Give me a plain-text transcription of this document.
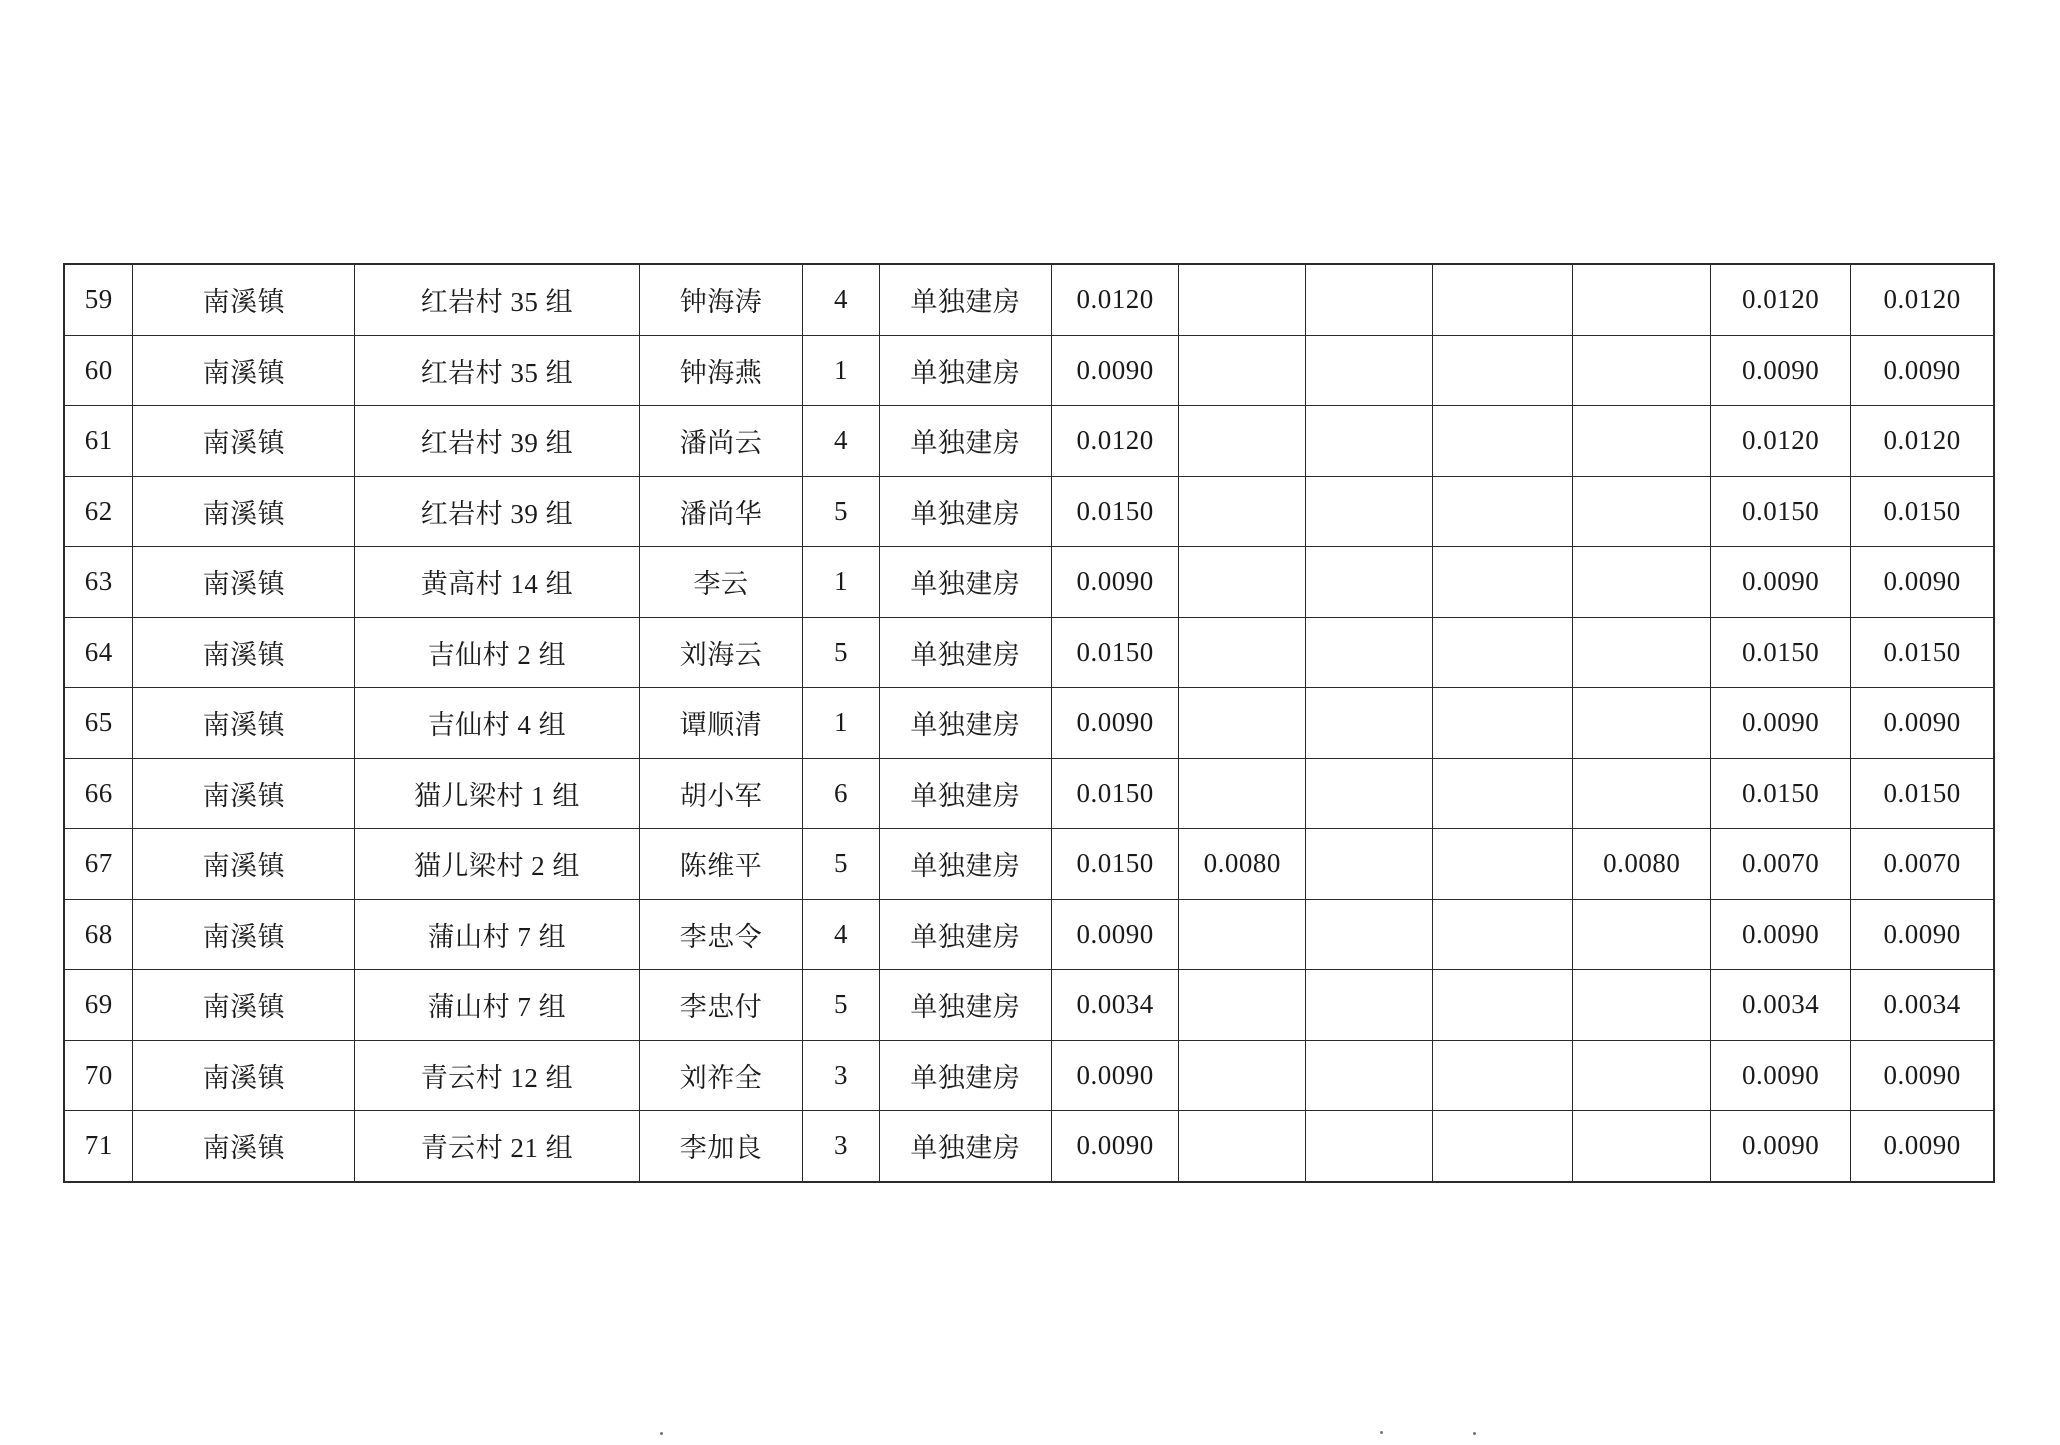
59	南溪镇	红岩村 35 组	钟海涛	4	单独建房	0.0120					0.0120	0.0120
60	南溪镇	红岩村 35 组	钟海燕	1	单独建房	0.0090					0.0090	0.0090
61	南溪镇	红岩村 39 组	潘尚云	4	单独建房	0.0120					0.0120	0.0120
62	南溪镇	红岩村 39 组	潘尚华	5	单独建房	0.0150					0.0150	0.0150
63	南溪镇	黄高村 14 组	李云	1	单独建房	0.0090					0.0090	0.0090
64	南溪镇	吉仙村 2 组	刘海云	5	单独建房	0.0150					0.0150	0.0150
65	南溪镇	吉仙村 4 组	谭顺清	1	单独建房	0.0090					0.0090	0.0090
66	南溪镇	猫儿梁村 1 组	胡小军	6	单独建房	0.0150					0.0150	0.0150
67	南溪镇	猫儿梁村 2 组	陈维平	5	单独建房	0.0150	0.0080			0.0080	0.0070	0.0070
68	南溪镇	蒲山村 7 组	李忠令	4	单独建房	0.0090					0.0090	0.0090
69	南溪镇	蒲山村 7 组	李忠付	5	单独建房	0.0034					0.0034	0.0034
70	南溪镇	青云村 12 组	刘祚全	3	单独建房	0.0090					0.0090	0.0090
71	南溪镇	青云村 21 组	李加良	3	单独建房	0.0090					0.0090	0.0090
